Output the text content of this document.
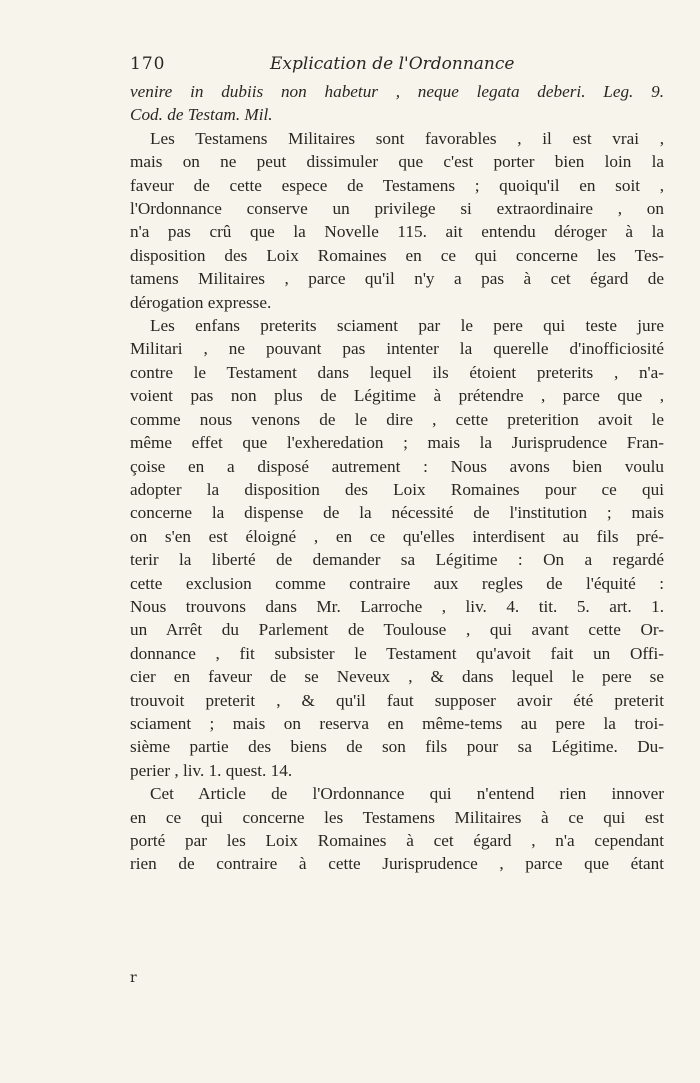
170	Explication de l'Ordonnance
venire in dubiis non habetur , neque legata deberi. Leg. 9.
Cod. de Testam. Mil.
Les Testamens Militaires sont favorables , il est vrai ,
mais on ne peut dissimuler que c'est porter bien loin la
faveur de cette espece de Testamens ; quoiqu'il en soit ,
l'Ordonnance conserve un privilege si extraordinaire , on
n'a pas crû que la Novelle 115. ait entendu déroger à la
disposition des Loix Romaines en ce qui concerne les Tes-
tamens Militaires , parce qu'il n'y a pas à cet égard de
dérogation expresse.
Les enfans preterits sciament par le pere qui teste jure
Militari , ne pouvant pas intenter la querelle d'inofficiosité
contre le Testament dans lequel ils étoient preterits , n'a-
voient pas non plus de Légitime à prétendre , parce que ,
comme nous venons de le dire , cette preterition avoit le
même effet que l'exheredation ; mais la Jurisprudence Fran-
çoise en a disposé autrement : Nous avons bien voulu
adopter la disposition des Loix Romaines pour ce qui
concerne la dispense de la nécessité de l'institution ; mais
on s'en est éloigné , en ce qu'elles interdisent au fils pré-
terir la liberté de demander sa Légitime : On a regardé
cette exclusion comme contraire aux regles de l'équité :
Nous trouvons dans Mr. Larroche , liv. 4. tit. 5. art. 1.
un Arrêt du Parlement de Toulouse , qui avant cette Or-
donnance , fit subsister le Testament qu'avoit fait un Offi-
cier en faveur de se Neveux , & dans lequel le pere se
trouvoit preterit , & qu'il faut supposer avoir été preterit
sciament ; mais on reserva en même-tems au pere la troi-
sième partie des biens de son fils pour sa Légitime. Du-
perier , liv. 1. quest. 14.
Cet Article de l'Ordonnance qui n'entend rien innover
en ce qui concerne les Testamens Militaires à ce qui est
porté par les Loix Romaines à cet égard , n'a cependant
rien de contraire à cette Jurisprudence , parce que étant
r
